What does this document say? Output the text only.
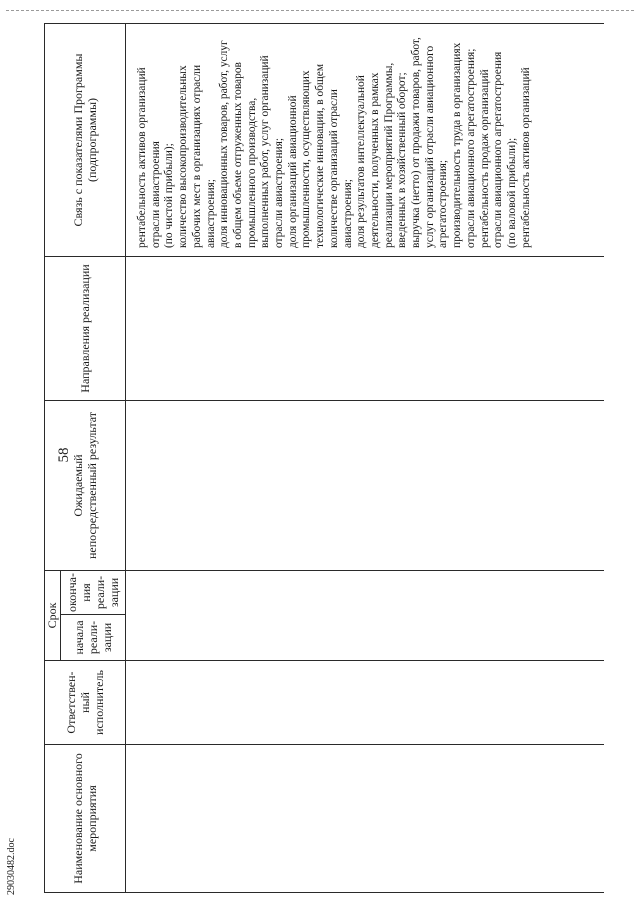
29030482.doc
58
Наименование основного мероприятия
Ответствен-ный исполнитель
Срок
начала реали-зации
оконча-ния реали-зации
Ожидаемый непосредственный результат
Направления реализации
Связь с показателями Программы (подпрограммы)	рентабельность активов организаций отрасли авиастроения (по чистой прибыли); количество высокопроизводительных рабочих мест в организациях отрасли авиастроения; доля инновационных товаров, работ, услуг в общем объеме отгруженных товаров промышленного производства, выполненных работ, услуг организаций отрасли авиастроения; доля организаций авиационной промышленности, осуществляющих технологические инновации, в общем количестве организаций отрасли авиастроения; доля результатов интеллектуальной деятельности, полученных в рамках реализации мероприятий Программы, введенных в хозяйственный оборот; выручка (нетто) от продажи товаров, работ, услуг организаций отрасли авиационного агрегатостроения; производительность труда в организациях отрасли авиационного агрегатостроения; рентабельность продаж организаций отрасли авиационного агрегатостроения (по валовой прибыли); рентабельность активов организаций
